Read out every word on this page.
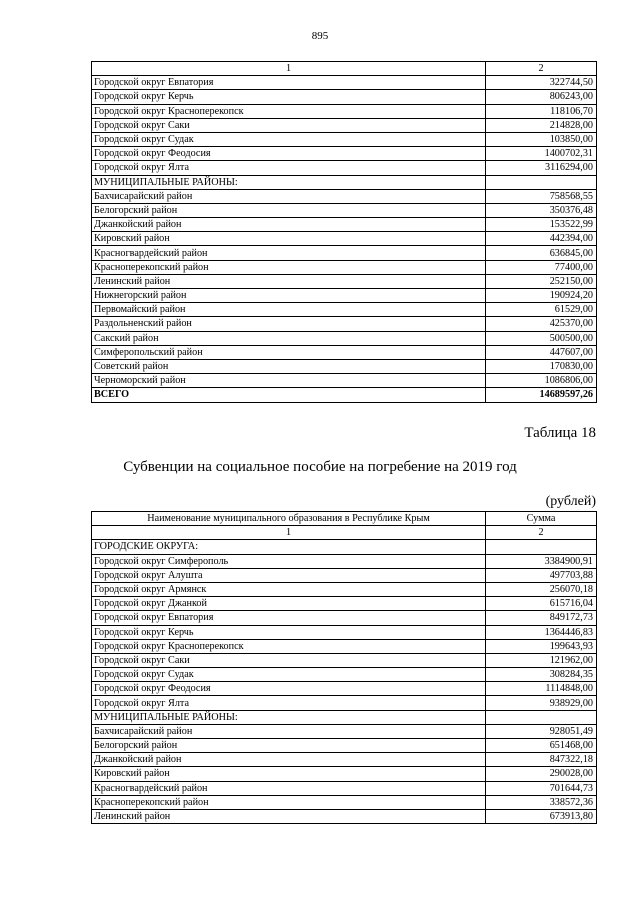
895
1	2
Городской округ Евпатория	322744,50
Городской округ Керчь	806243,00
Городской округ Красноперекопск	118106,70
Городской округ Саки	214828,00
Городской округ Судак	103850,00
Городской округ Феодосия	1400702,31
Городской округ Ялта	3116294,00
МУНИЦИПАЛЬНЫЕ РАЙОНЫ:	
Бахчисарайский район	758568,55
Белогорский район	350376,48
Джанкойский район	153522,99
Кировский район	442394,00
Красногвардейский район	636845,00
Красноперекопский район	77400,00
Ленинский район	252150,00
Нижнегорский район	190924,20
Первомайский район	61529,00
Раздольненский район	425370,00
Сакский район	500500,00
Симферопольский район	447607,00
Советский район	170830,00
Черноморский район	1086806,00
ВСЕГО	14689597,26
Таблица 18
Субвенции на социальное пособие на погребение на 2019 год
(рублей)
Наименование муниципального образования в Республике Крым	Сумма
1	2
ГОРОДСКИЕ ОКРУГА:	
Городской округ Симферополь	3384900,91
Городской округ Алушта	497703,88
Городской округ Армянск	256070,18
Городской округ Джанкой	615716,04
Городской округ Евпатория	849172,73
Городской округ Керчь	1364446,83
Городской округ Красноперекопск	199643,93
Городской округ Саки	121962,00
Городской округ Судак	308284,35
Городской округ Феодосия	1114848,00
Городской округ Ялта	938929,00
МУНИЦИПАЛЬНЫЕ РАЙОНЫ:	
Бахчисарайский район	928051,49
Белогорский район	651468,00
Джанкойский район	847322,18
Кировский район	290028,00
Красногвардейский район	701644,73
Красноперекопский район	338572,36
Ленинский район	673913,80
